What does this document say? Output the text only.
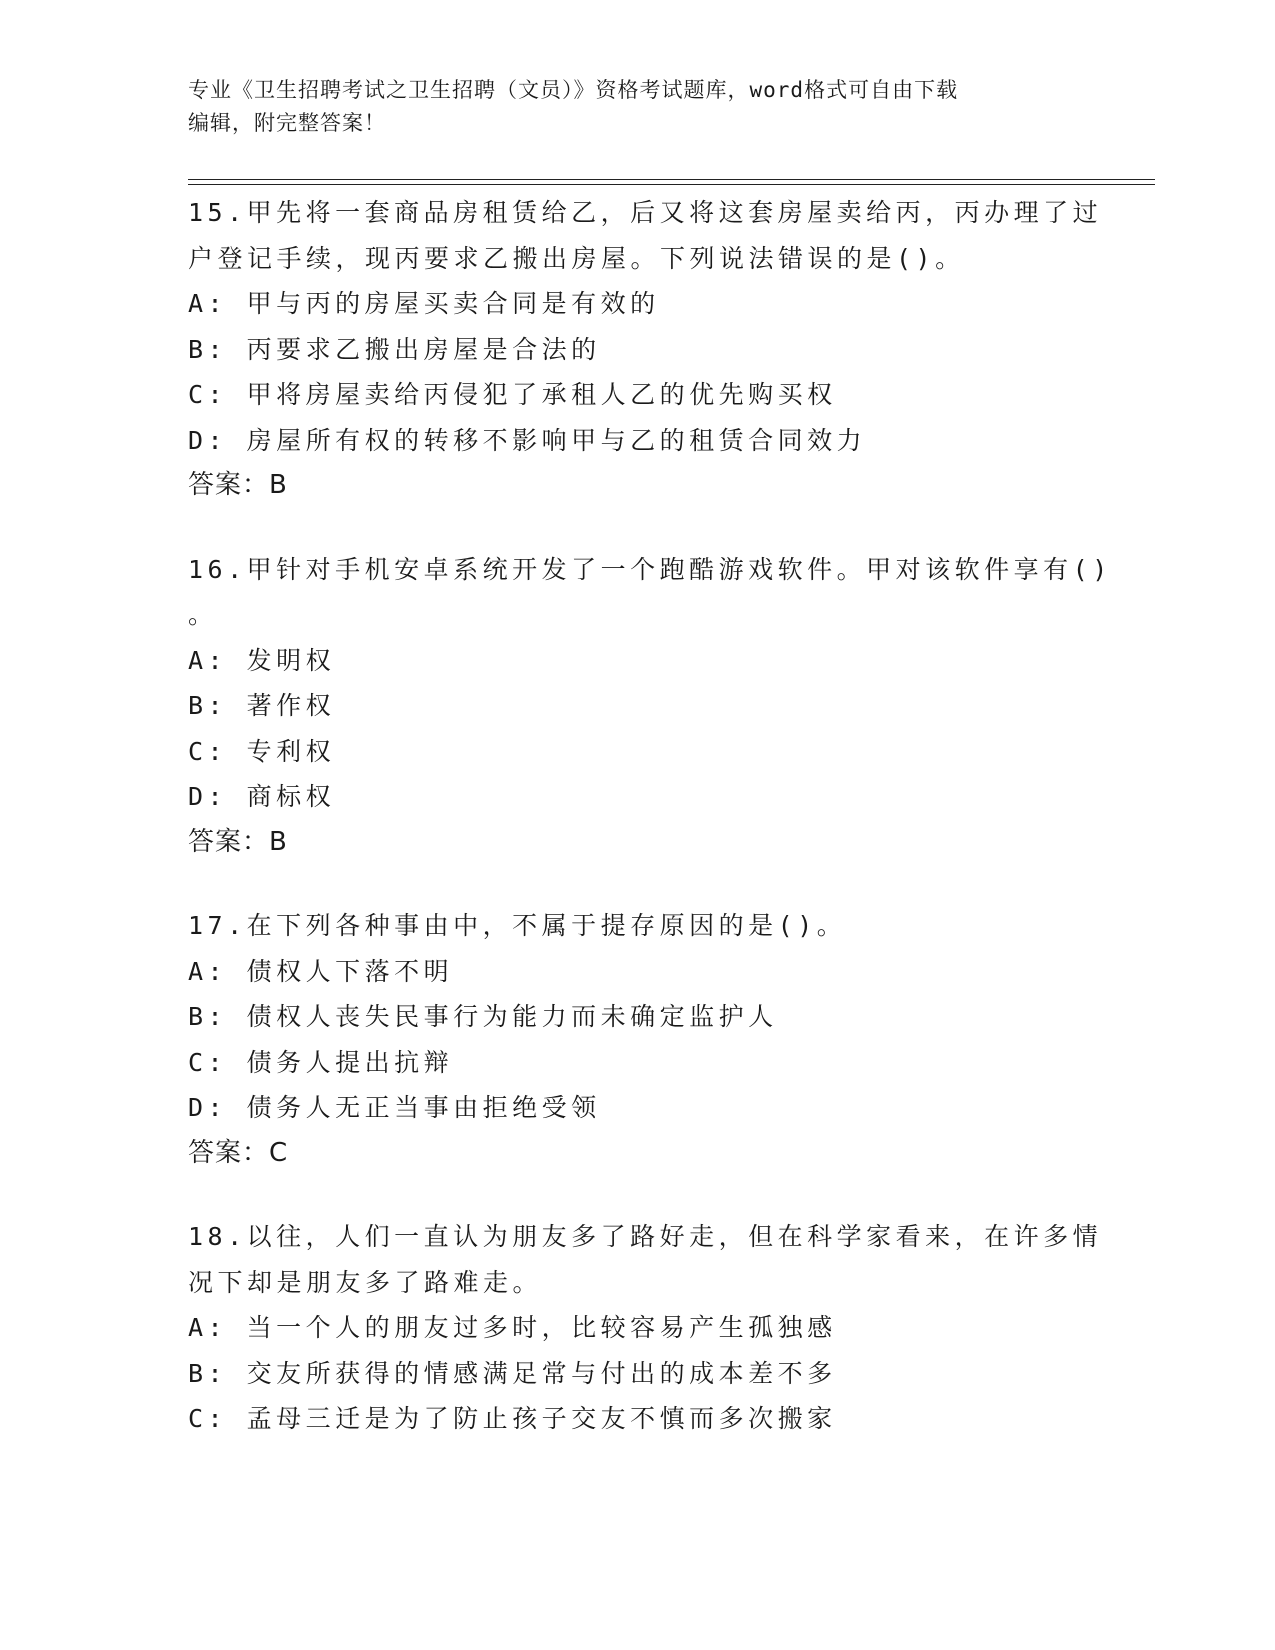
专业《卫生招聘考试之卫生招聘（文员）》资格考试题库，word格式可自由下载
编辑，附完整答案！
15.甲先将一套商品房租赁给乙，后又将这套房屋卖给丙，丙办理了过
户登记手续，现丙要求乙搬出房屋。下列说法错误的是()。
A: 甲与丙的房屋买卖合同是有效的
B: 丙要求乙搬出房屋是合法的
C: 甲将房屋卖给丙侵犯了承租人乙的优先购买权
D: 房屋所有权的转移不影响甲与乙的租赁合同效力
答案：B
16.甲针对手机安卓系统开发了一个跑酷游戏软件。甲对该软件享有()
。
A: 发明权
B: 著作权
C: 专利权
D: 商标权
答案：B
17.在下列各种事由中，不属于提存原因的是()。
A: 债权人下落不明
B: 债权人丧失民事行为能力而未确定监护人
C: 债务人提出抗辩
D: 债务人无正当事由拒绝受领
答案：C
18.以往，人们一直认为朋友多了路好走，但在科学家看来，在许多情
况下却是朋友多了路难走。
A: 当一个人的朋友过多时，比较容易产生孤独感
B: 交友所获得的情感满足常与付出的成本差不多
C: 孟母三迁是为了防止孩子交友不慎而多次搬家
